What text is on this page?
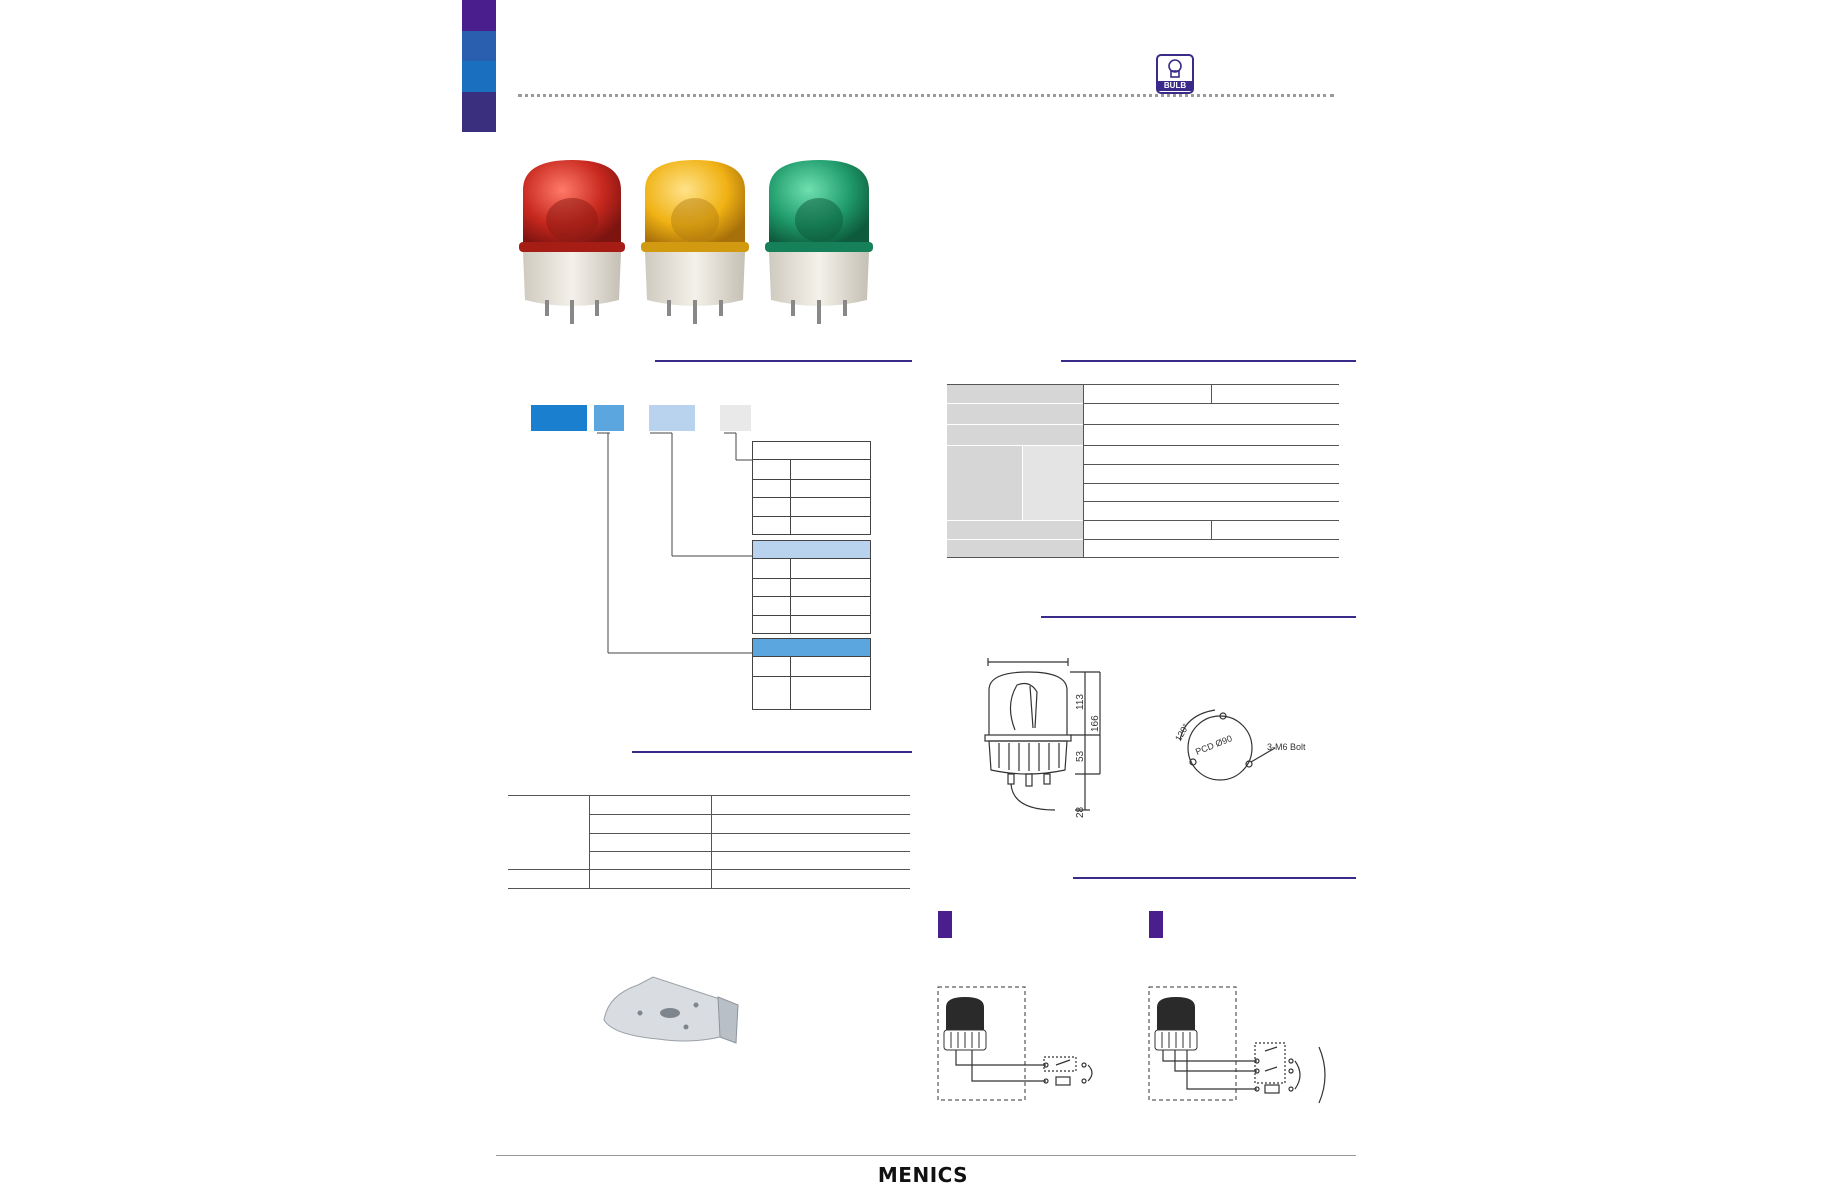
BULB
113
166
53
28
120°
PCD Ø90	3-M6 Bolt
MENICS
